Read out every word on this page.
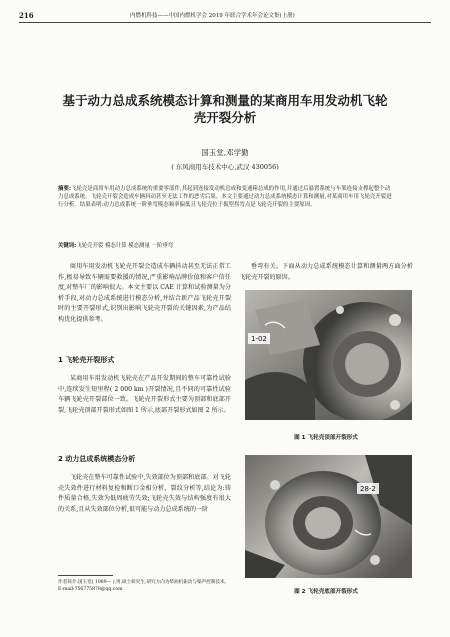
216	内燃机科技——中国内燃机学会 2019 年联合学术年会论文集(上册)
基于动力总成系统模态计算和测量的某商用车用发动机飞轮
壳开裂分析
国玉堂,邓学勤
( 东风商用车技术中心,武汉 430056)
摘要:飞轮壳是商用车用动力总成系统的重要零部件,其起到连接发动机总成和变速箱总成的作用,并通过后悬置系统与车架连接支撑起整个动力总成系统。飞轮壳开裂会造成车辆抖动甚至无法工作的恶劣后果。本文主要通过动力总成系统模态计算和测量,对某商用车用飞轮壳开裂进行分析。结果表明:动力总成系统一阶垂弯模态频率偏低且飞轮壳位于振型拐弯点是飞轮壳开裂的主要原因。
关键词:飞轮壳开裂 模态计算 模态测量 一阶垂弯
商用车用发动机飞轮壳开裂会造成车辆抖动甚至无法正常工作,极易导致车辆需要救援的情况,严重影响品牌价值和客户信任度,对整车厂的影响很大。本文主要以 CAE 计算和试验测量为分析手段,对动力总成系统进行模态分析,并结合新产品飞轮壳开裂时的主要开裂形式,识别出影响飞轮壳开裂的关键因素,为产品结构优化提供参考。
1 飞轮壳开裂形式
某商用车用发动机飞轮壳在产品开发期间的整车可靠性试验中,连续发生短里程( 2 000 km )开裂情况,且不同的可靠性试验车辆飞轮壳开裂部位一致。飞轮壳开裂形式主要为顶部和底部开裂,飞轮壳顶部开裂形式如图 1 所示,底部开裂形式如图 2 所示。
2 动力总成系统模态分析
飞轮壳在整车可靠性试验中,失效部位为顶部和底部。对飞轮壳失效件进行材料复检和断口金相分析、裂纹分析等,结论为:铸件质量合格,失效为低周疲劳失效;飞轮壳失效与结构强度有很大的关系,且从失效部位分析,很可能与动力总成系统的一阶
作者简介:国玉堂( 1989— ),男,硕士研究生,研究方向为柴油机振动与噪声控制技术。
E-mail:756775878@qq.com
垂弯有关。下面从动力总成系统模态计算和测量两方面分析飞轮壳开裂的原因。
1-02
图 1 飞轮壳顶部开裂形式
28-2
图 2 飞轮壳底部开裂形式
